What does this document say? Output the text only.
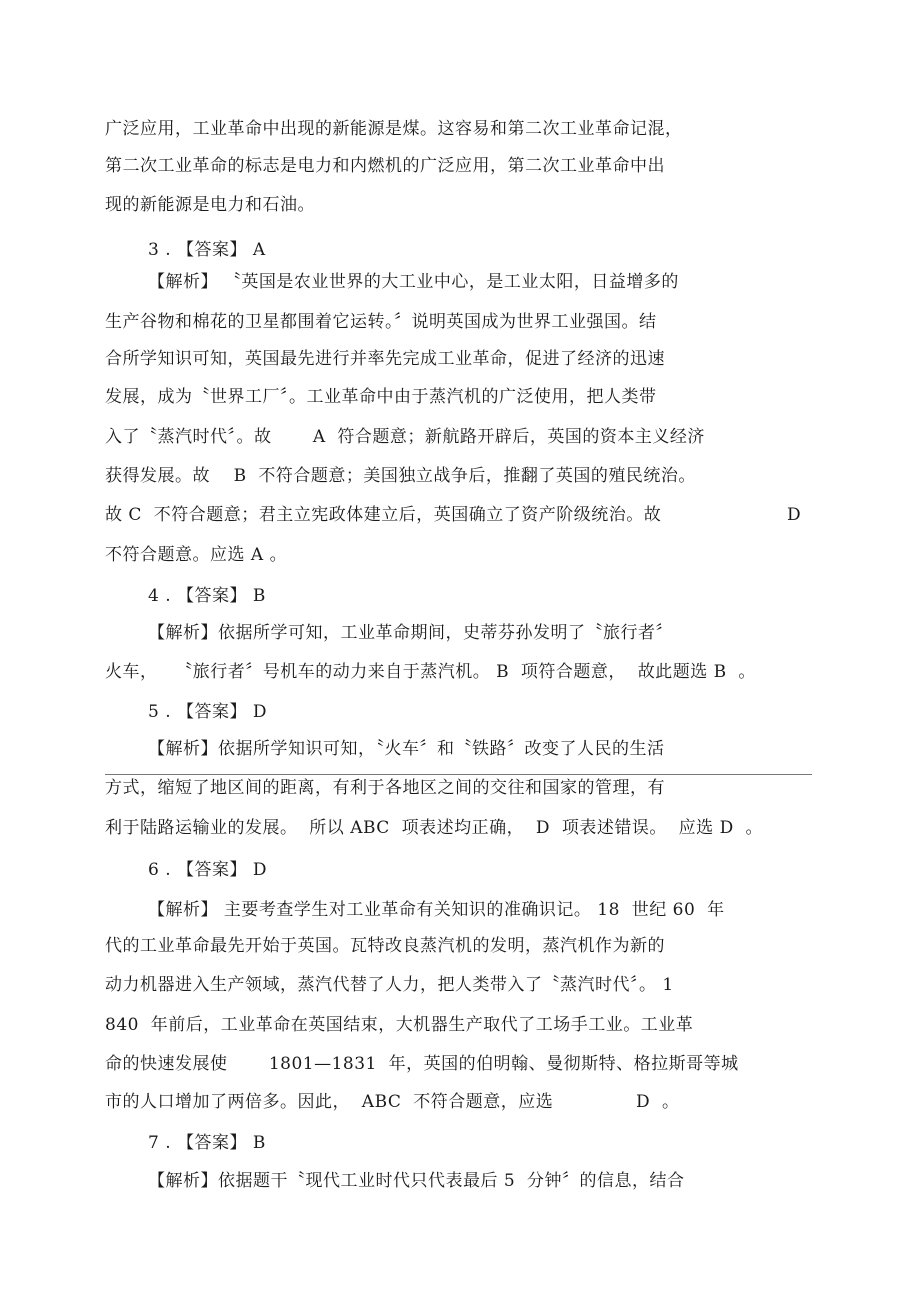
广泛应用，工业革命中出现的新能源是煤。这容易和第二次工业革命记混，
第二次工业革命的标志是电力和内燃机的广泛应用，第二次工业革命中出
现的新能源是电力和石油。
3 . 【答案】 A
【解析】 〝英国是农业世界的大工业中心，是工业太阳，日益增多的
生产谷物和棉花的卫星都围着它运转。〞说明英国成为世界工业强国。结
合所学知识可知，英国最先进行并率先完成工业革命，促进了经济的迅速
发展，成为〝世界工厂〞。工业革命中由于蒸汽机的广泛使用，把人类带
入了〝蒸汽时代〞。故       A  符合题意；新航路开辟后，英国的资本主义经济
获得发展。故    B  不符合题意；美国独立战争后，推翻了英国的殖民统治。
故 C  不符合题意；君主立宪政体建立后，英国确立了资产阶级统治。故	D
不符合题意。应选 A 。
4 . 【答案】 B
【解析】依据所学可知，工业革命期间，史蒂芬孙发明了〝旅行者〞
火车，   〝旅行者〞号机车的动力来自于蒸汽机。 B  项符合题意，  故此题选 B  。
5 . 【答案】 D
【解析】依据所学知识可知，〝火车〞和〝铁路〞改变了人民的生活
方式，缩短了地区间的距离，有利于各地区之间的交往和国家的管理，有
利于陆路运输业的发展。  所以 ABC  项表述均正确，  D  项表述错误。  应选 D  。
6 . 【答案】 D
【解析】 主要考查学生对工业革命有关知识的准确识记。 18  世纪 60  年
代的工业革命最先开始于英国。瓦特改良蒸汽机的发明，蒸汽机作为新的
动力机器进入生产领域，蒸汽代替了人力，把人类带入了〝蒸汽时代〞。 1
840  年前后，工业革命在英国结束，大机器生产取代了工场手工业。工业革
命的快速发展使       1801—1831  年，英国的伯明翰、曼彻斯特、格拉斯哥等城
市的人口增加了两倍多。因此，  ABC  不符合题意，应选	D  。
7 . 【答案】 B
【解析】依据题干〝现代工业时代只代表最后 5  分钟〞的信息，结合
